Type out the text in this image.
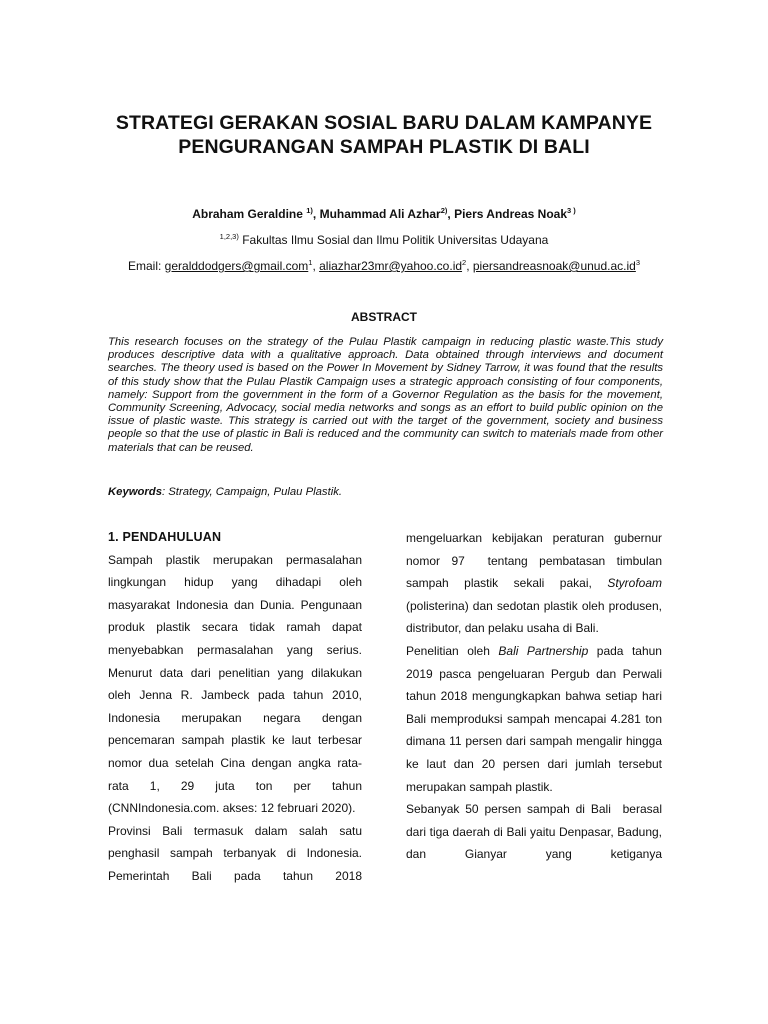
STRATEGI GERAKAN SOSIAL BARU DALAM KAMPANYE
PENGURANGAN SAMPAH PLASTIK DI BALI

Abraham Geraldine $^{1)}$, Muhammad Ali Azhar$^{2)}$, Piers Andreas Noak$^{3 )}$

$^{1,2,3)}$ Fakultas Ilmu Sosial dan Ilmu Politik Universitas Udayana

Email: geralddodgers@gmail.com$^1$, $aliazhar23mr@yahoo.co.id^2$, $piersandreasnoak@unud.ac.id^3$

ABSTRACT

This research focuses on the strategy of the Pulau Plastik campaign in reducing plastic waste.This study produces descriptive data with a qualitative approach. Data obtained through interviews and document searches. The theory used is based on the Power In Movement by Sidney Tarrow, it was found that the results of this study show that the Pulau Plastik Campaign uses a strategic approach consisting of four components, namely: Support from the government in the form of a Governor Regulation as the basis for the movement, Community Screening, Advocacy, social media networks and songs as an effort to build public opinion on the issue of plastic waste. This strategy is carried out with the target of the government, society and business people so that the use of plastic in Bali is reduced and the community can switch to materials made from other materials that can be reused.

Keywords: Strategy, Campaign, Pulau Plastik.

1. PENDAHULUAN

Sampah plastik merupakan permasalahan lingkungan hidup yang dihadapi oleh masyarakat Indonesia dan Dunia. Pengunaan produk plastik secara tidak ramah dapat menyebabkan permasalahan yang serius. Menurut data dari penelitian yang dilakukan oleh Jenna R. Jambeck pada tahun 2010, Indonesia merupakan negara dengan pencemaran sampah plastik ke laut terbesar nomor dua setelah Cina dengan angka rata-rata 1, 29 juta ton per tahun (CNNIndonesia.com. akses: 12 februari 2020).

Provinsi Bali termasuk dalam salah satu penghasil sampah terbanyak di Indonesia. Pemerintah Bali pada tahun 2018

mengeluarkan kebijakan peraturan gubernur nomor 97  tentang pembatasan timbulan sampah plastik sekali pakai, Styrofoam (polisterina) dan sedotan plastik oleh produsen, distributor, dan pelaku usaha di Bali.

Penelitian oleh Bali Partnership pada tahun 2019 pasca pengeluaran Pergub dan Perwali tahun 2018 mengungkapkan bahwa setiap hari Bali memproduksi sampah mencapai 4.281 ton dimana 11 persen dari sampah mengalir hingga ke laut dan 20 persen dari jumlah tersebut merupakan sampah plastik.

Sebanyak 50 persen sampah di Bali  berasal dari tiga daerah di Bali yaitu Denpasar, Badung, dan Gianyar yang ketiganya
